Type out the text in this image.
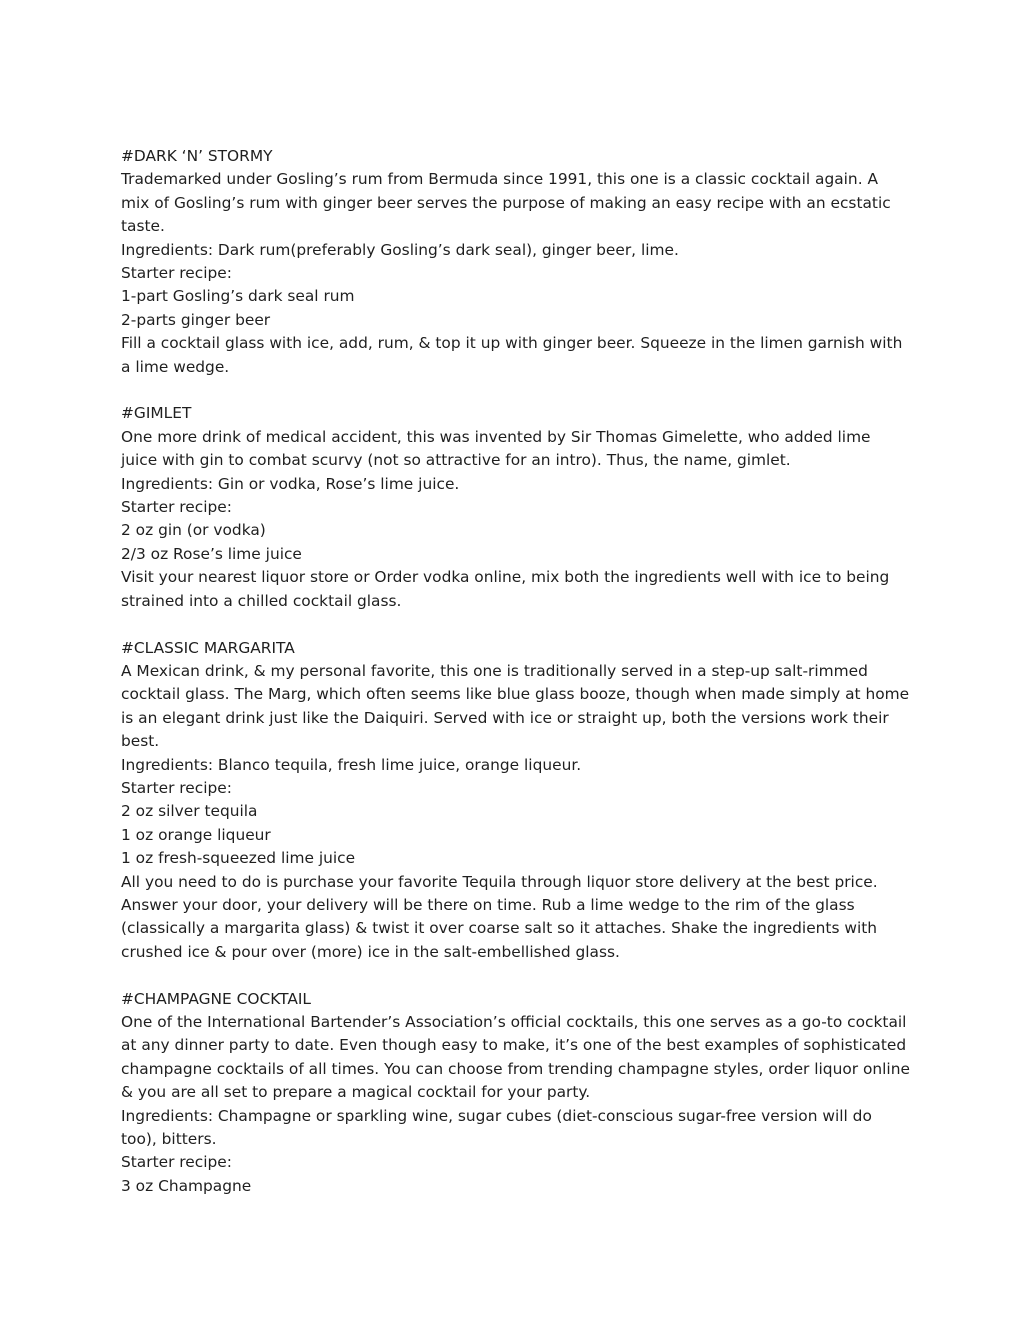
#DARK ‘N’ STORMY
Trademarked under Gosling’s rum from Bermuda since 1991, this one is a classic cocktail again. A mix of Gosling’s rum with ginger beer serves the purpose of making an easy recipe with an ecstatic taste.
Ingredients: Dark rum(preferably Gosling’s dark seal), ginger beer, lime.
Starter recipe:
1-part Gosling’s dark seal rum
2-parts ginger beer
Fill a cocktail glass with ice, add, rum, & top it up with ginger beer. Squeeze in the limen garnish with a lime wedge.
#GIMLET
One more drink of medical accident, this was invented by Sir Thomas Gimelette, who added lime juice with gin to combat scurvy (not so attractive for an intro). Thus, the name, gimlet.
Ingredients: Gin or vodka, Rose’s lime juice.
Starter recipe:
2 oz gin (or vodka)
2/3 oz Rose’s lime juice
Visit your nearest liquor store or Order vodka online, mix both the ingredients well with ice to being strained into a chilled cocktail glass.
#CLASSIC MARGARITA
A Mexican drink, & my personal favorite, this one is traditionally served in a step-up salt-rimmed cocktail glass. The Marg, which often seems like blue glass booze, though when made simply at home is an elegant drink just like the Daiquiri. Served with ice or straight up, both the versions work their best.
Ingredients: Blanco tequila, fresh lime juice, orange liqueur.
Starter recipe:
2 oz silver tequila
1 oz orange liqueur
1 oz fresh-squeezed lime juice
All you need to do is purchase your favorite Tequila through liquor store delivery at the best price. Answer your door, your delivery will be there on time. Rub a lime wedge to the rim of the glass (classically a margarita glass) & twist it over coarse salt so it attaches. Shake the ingredients with crushed ice & pour over (more) ice in the salt-embellished glass.
#CHAMPAGNE COCKTAIL
One of the International Bartender’s Association’s official cocktails, this one serves as a go-to cocktail at any dinner party to date. Even though easy to make, it’s one of the best examples of sophisticated champagne cocktails of all times. You can choose from trending champagne styles, order liquor online & you are all set to prepare a magical cocktail for your party.
Ingredients: Champagne or sparkling wine, sugar cubes (diet-conscious sugar-free version will do too), bitters.
Starter recipe:
3 oz Champagne
